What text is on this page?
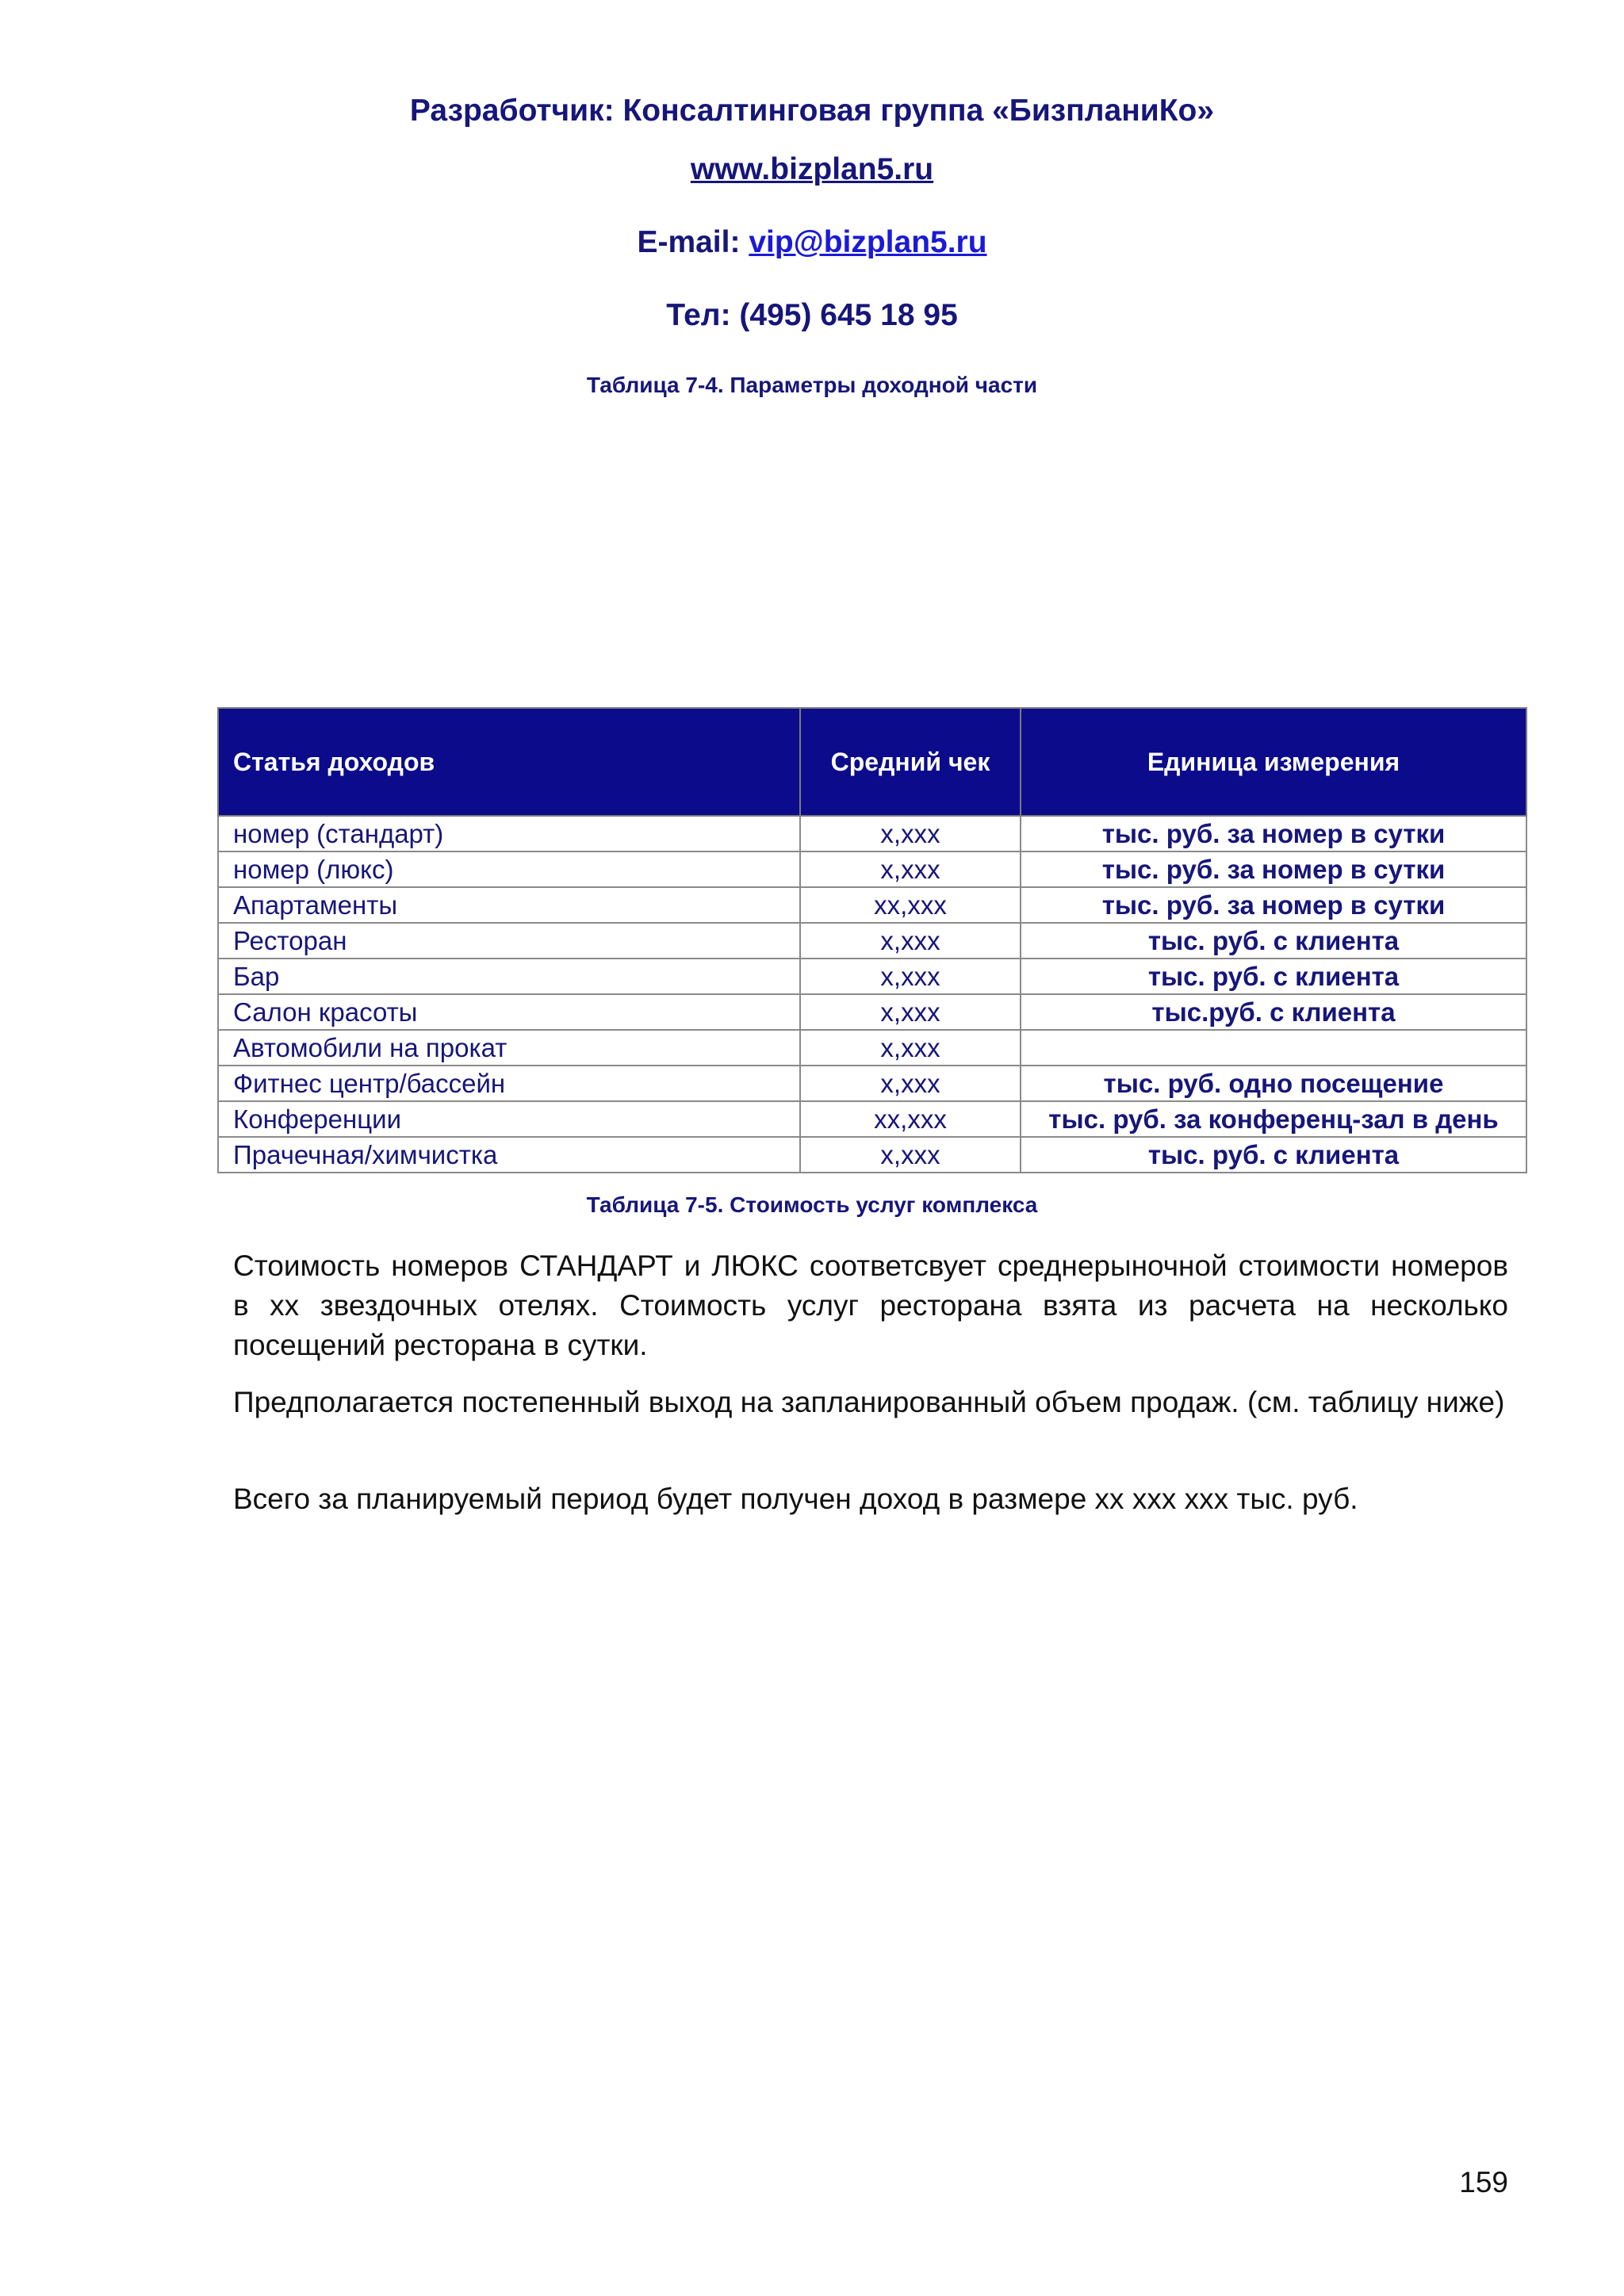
Разработчик: Консалтинговая группа «БизпланиКо»
www.bizplan5.ru
E-mail: vip@bizplan5.ru
Тел: (495) 645 18 95
Таблица 7-4. Параметры доходной части
Статья доходов	Средний чек	Единица измерения
номер (стандарт)	х,ххх	тыс. руб. за номер в сутки
номер (люкс)	х,ххх	тыс. руб. за номер в сутки
Апартаменты	хх,ххх	тыс. руб. за номер в сутки
Ресторан	х,ххх	тыс. руб. с клиента
Бар	х,ххх	тыс. руб. с клиента
Салон красоты	х,ххх	тыс.руб. с клиента
Автомобили на прокат	х,ххх	
Фитнес центр/бассейн	х,ххх	тыс. руб. одно посещение
Конференции	хх,ххх	тыс. руб. за конференц-зал в день
Прачечная/химчистка	х,ххх	тыс. руб. с клиента
Таблица 7-5. Стоимость услуг комплекса

Стоимость номеров СТАНДАРТ и ЛЮКС соответсвует среднерыночной стоимости номеров в хх звездочных отелях. Стоимость услуг ресторана взята из расчета на несколько посещений ресторана в сутки.

Предполагается постепенный выход на запланированный объем продаж. (см. таблицу ниже)

Всего за планируемый период будет получен доход в размере хх ххх ххх тыс. руб.

159
